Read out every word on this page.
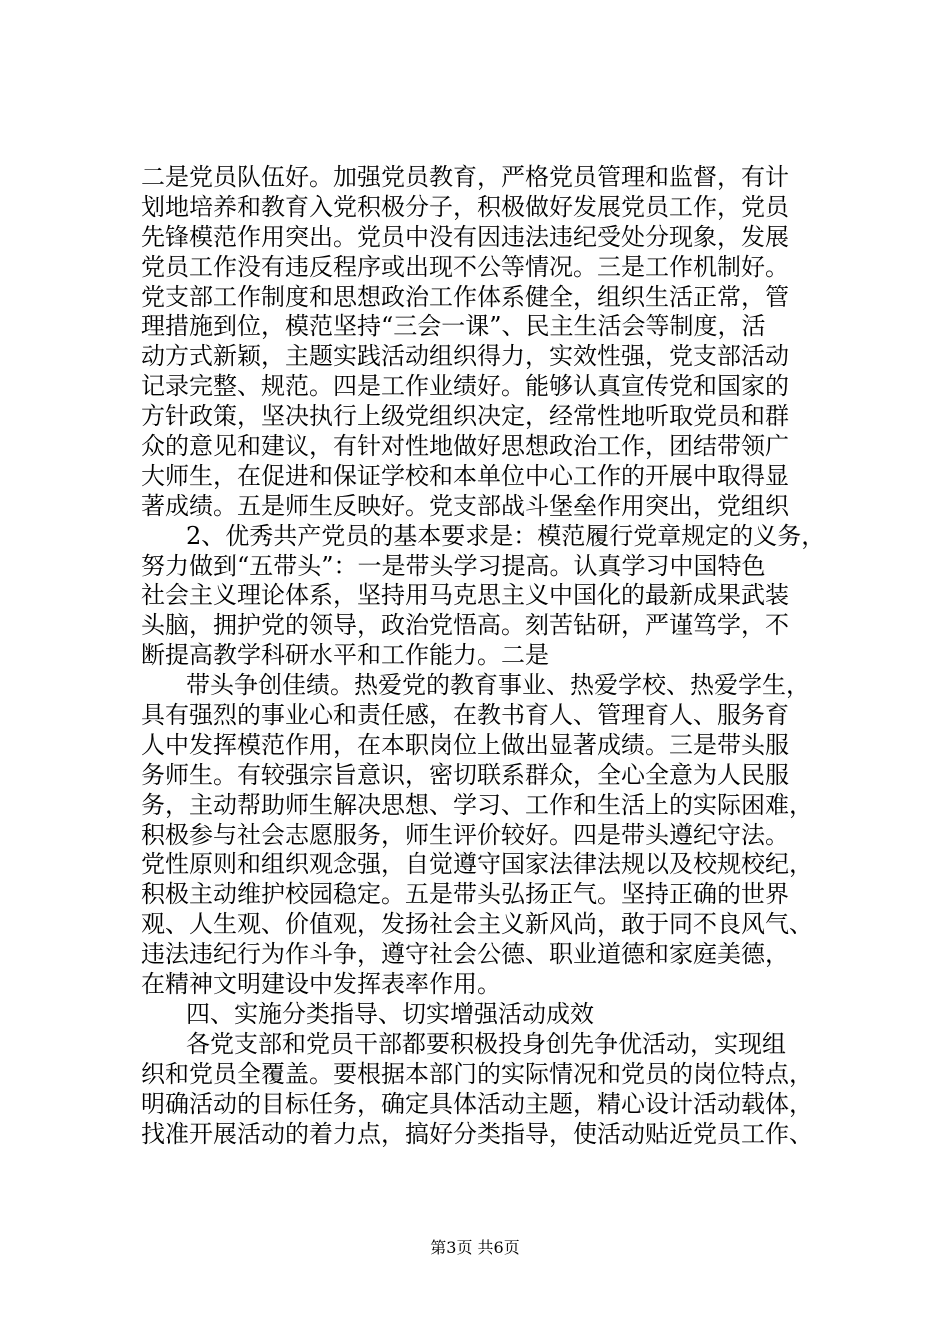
二是党员队伍好。加强党员教育，严格党员管理和监督，有计
划地培养和教育入党积极分子，积极做好发展党员工作，党员
先锋模范作用突出。党员中没有因违法违纪受处分现象，发展
党员工作没有违反程序或出现不公等情况。三是工作机制好。
党支部工作制度和思想政治工作体系健全，组织生活正常，管
理措施到位，模范坚持“三会一课”、民主生活会等制度，活
动方式新颖，主题实践活动组织得力，实效性强，党支部活动
记录完整、规范。四是工作业绩好。能够认真宣传党和国家的
方针政策，坚决执行上级党组织决定，经常性地听取党员和群
众的意见和建议，有针对性地做好思想政治工作，团结带领广
大师生，在促进和保证学校和本单位中心工作的开展中取得显
著成绩。五是师生反映好。党支部战斗堡垒作用突出，党组织
2、优秀共产党员的基本要求是：模范履行党章规定的义务，
努力做到“五带头”：一是带头学习提高。认真学习中国特色
社会主义理论体系，坚持用马克思主义中国化的最新成果武装
头脑，拥护党的领导，政治党悟高。刻苦钻研，严谨笃学，不
断提高教学科研水平和工作能力。二是
带头争创佳绩。热爱党的教育事业、热爱学校、热爱学生，
具有强烈的事业心和责任感，在教书育人、管理育人、服务育
人中发挥模范作用，在本职岗位上做出显著成绩。三是带头服
务师生。有较强宗旨意识，密切联系群众，全心全意为人民服
务，主动帮助师生解决思想、学习、工作和生活上的实际困难，
积极参与社会志愿服务，师生评价较好。四是带头遵纪守法。
党性原则和组织观念强，自觉遵守国家法律法规以及校规校纪，
积极主动维护校园稳定。五是带头弘扬正气。坚持正确的世界
观、人生观、价值观，发扬社会主义新风尚，敢于同不良风气、
违法违纪行为作斗争，遵守社会公德、职业道德和家庭美德，
在精神文明建设中发挥表率作用。
四、实施分类指导、切实增强活动成效
各党支部和党员干部都要积极投身创先争优活动，实现组
织和党员全覆盖。要根据本部门的实际情况和党员的岗位特点，
明确活动的目标任务，确定具体活动主题，精心设计活动载体，
找准开展活动的着力点，搞好分类指导，使活动贴近党员工作、
第3页 共6页
